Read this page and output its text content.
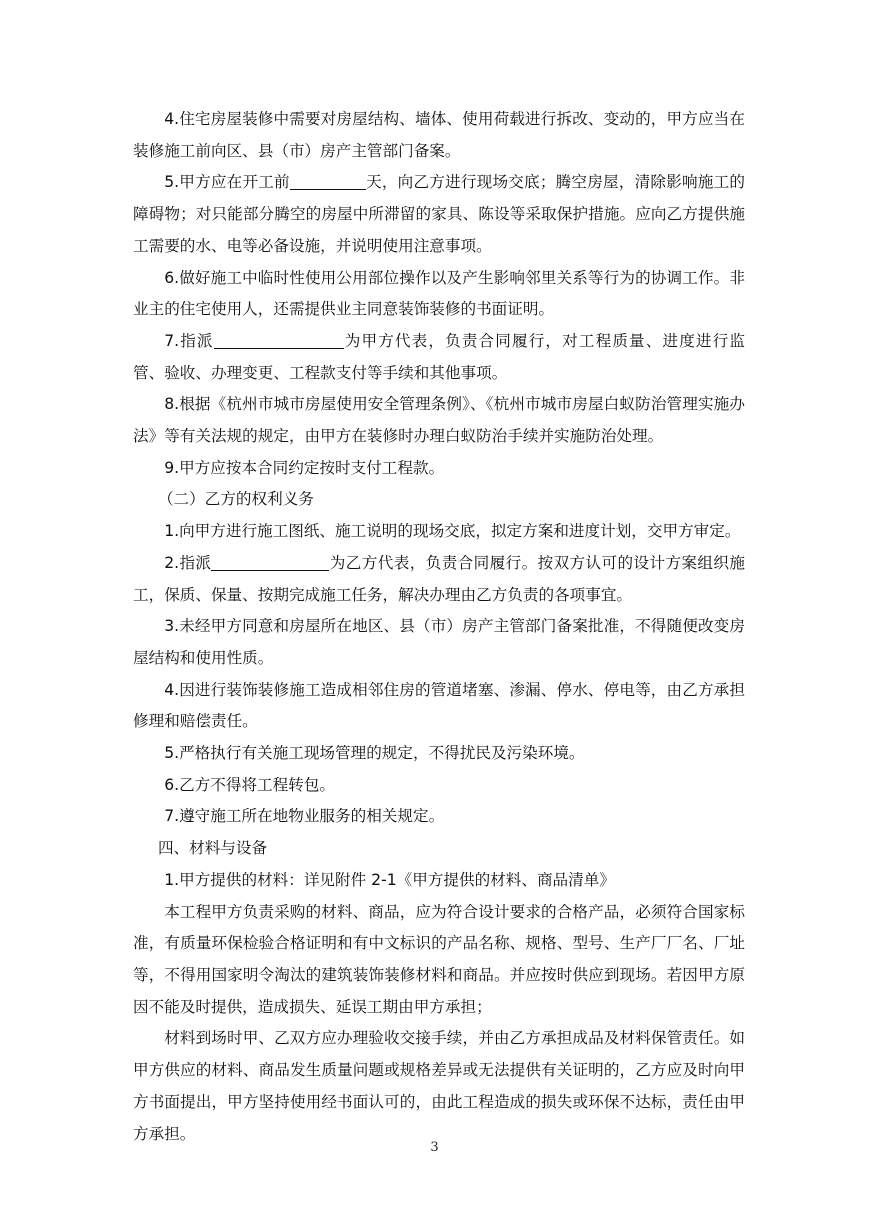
4.住宅房屋装修中需要对房屋结构、墙体、使用荷载进行拆改、变动的，甲方应当在装修施工前向区、县（市）房产主管部门备案。

5.甲方应在开工前	天，向乙方进行现场交底；腾空房屋，清除影响施工的障碍物；对只能部分腾空的房屋中所滞留的家具、陈设等采取保护措施。应向乙方提供施工需要的水、电等必备设施，并说明使用注意事项。

6.做好施工中临时性使用公用部位操作以及产生影响邻里关系等行为的协调工作。非业主的住宅使用人，还需提供业主同意装饰装修的书面证明。

7.指派	为甲方代表，负责合同履行，对工程质量、进度进行监管、验收、办理变更、工程款支付等手续和其他事项。

8.根据《杭州市城市房屋使用安全管理条例》、《杭州市城市房屋白蚁防治管理实施办法》等有关法规的规定，由甲方在装修时办理白蚁防治手续并实施防治处理。

9.甲方应按本合同约定按时支付工程款。

（二）乙方的权利义务

1.向甲方进行施工图纸、施工说明的现场交底，拟定方案和进度计划，交甲方审定。

2.指派	为乙方代表，负责合同履行。按双方认可的设计方案组织施工，保质、保量、按期完成施工任务，解决办理由乙方负责的各项事宜。

3.未经甲方同意和房屋所在地区、县（市）房产主管部门备案批准，不得随便改变房屋结构和使用性质。

4.因进行装饰装修施工造成相邻住房的管道堵塞、渗漏、停水、停电等，由乙方承担修理和赔偿责任。

5.严格执行有关施工现场管理的规定，不得扰民及污染环境。

6.乙方不得将工程转包。

7.遵守施工所在地物业服务的相关规定。

四、材料与设备

1.甲方提供的材料：详见附件 2-1《甲方提供的材料、商品清单》

本工程甲方负责采购的材料、商品，应为符合设计要求的合格产品，必须符合国家标准，有质量环保检验合格证明和有中文标识的产品名称、规格、型号、生产厂厂名、厂址等，不得用国家明令淘汰的建筑装饰装修材料和商品。并应按时供应到现场。若因甲方原因不能及时提供，造成损失、延误工期由甲方承担；

材料到场时甲、乙双方应办理验收交接手续，并由乙方承担成品及材料保管责任。如甲方供应的材料、商品发生质量问题或规格差异或无法提供有关证明的，乙方应及时向甲方书面提出，甲方坚持使用经书面认可的，由此工程造成的损失或环保不达标，责任由甲方承担。

3
